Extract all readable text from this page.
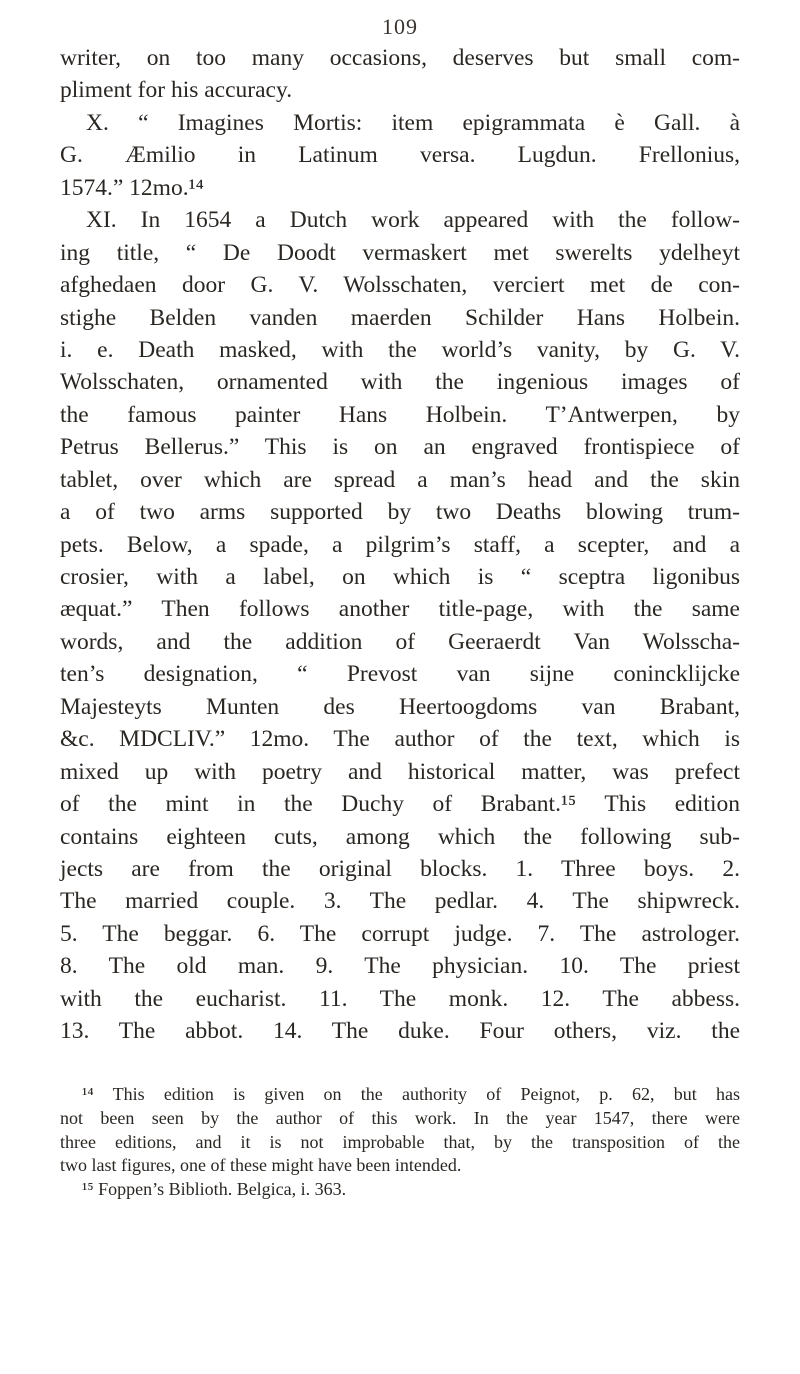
109
writer, on too many occasions, deserves but small com-
pliment for his accuracy.
X. “ Imagines Mortis: item epigrammata è Gall. à
G. Æmilio in Latinum versa. Lugdun. Frellonius,
1574.” 12mo.¹⁴
XI. In 1654 a Dutch work appeared with the follow-
ing title, “ De Doodt vermaskert met swerelts ydelheyt
afghedaen door G. V. Wolsschaten, verciert met de con-
stighe Belden vanden maerden Schilder Hans Holbein.
i. e. Death masked, with the world’s vanity, by G. V.
Wolsschaten, ornamented with the ingenious images of
the famous painter Hans Holbein. T’Antwerpen, by
Petrus Bellerus.” This is on an engraved frontispiece of
tablet, over which are spread a man’s head and the skin
a of two arms supported by two Deaths blowing trum-
pets. Below, a spade, a pilgrim’s staff, a scepter, and a
crosier, with a label, on which is “ sceptra ligonibus
æquat.” Then follows another title-page, with the same
words, and the addition of Geeraerdt Van Wolsscha-
ten’s designation, “ Prevost van sijne coninckliјcke
Majesteyts Munten des Heertoogdoms van Brabant,
&c. MDCLIV.” 12mo. The author of the text, which is
mixed up with poetry and historical matter, was prefect
of the mint in the Duchy of Brabant.¹⁵ This edition
contains eighteen cuts, among which the following sub-
jects are from the original blocks. 1. Three boys. 2.
The married couple. 3. The pedlar. 4. The shipwreck.
5. The beggar. 6. The corrupt judge. 7. The astrologer.
8. The old man. 9. The physician. 10. The priest
with the eucharist. 11. The monk. 12. The abbess.
13. The abbot. 14. The duke. Four others, viz. the
¹⁴ This edition is given on the authority of Peignot, p. 62, but has
not been seen by the author of this work. In the year 1547, there were
three editions, and it is not improbable that, by the transposition of the
two last figures, one of these might have been intended.
¹⁵ Foppen’s Biblioth. Belgica, i. 363.
